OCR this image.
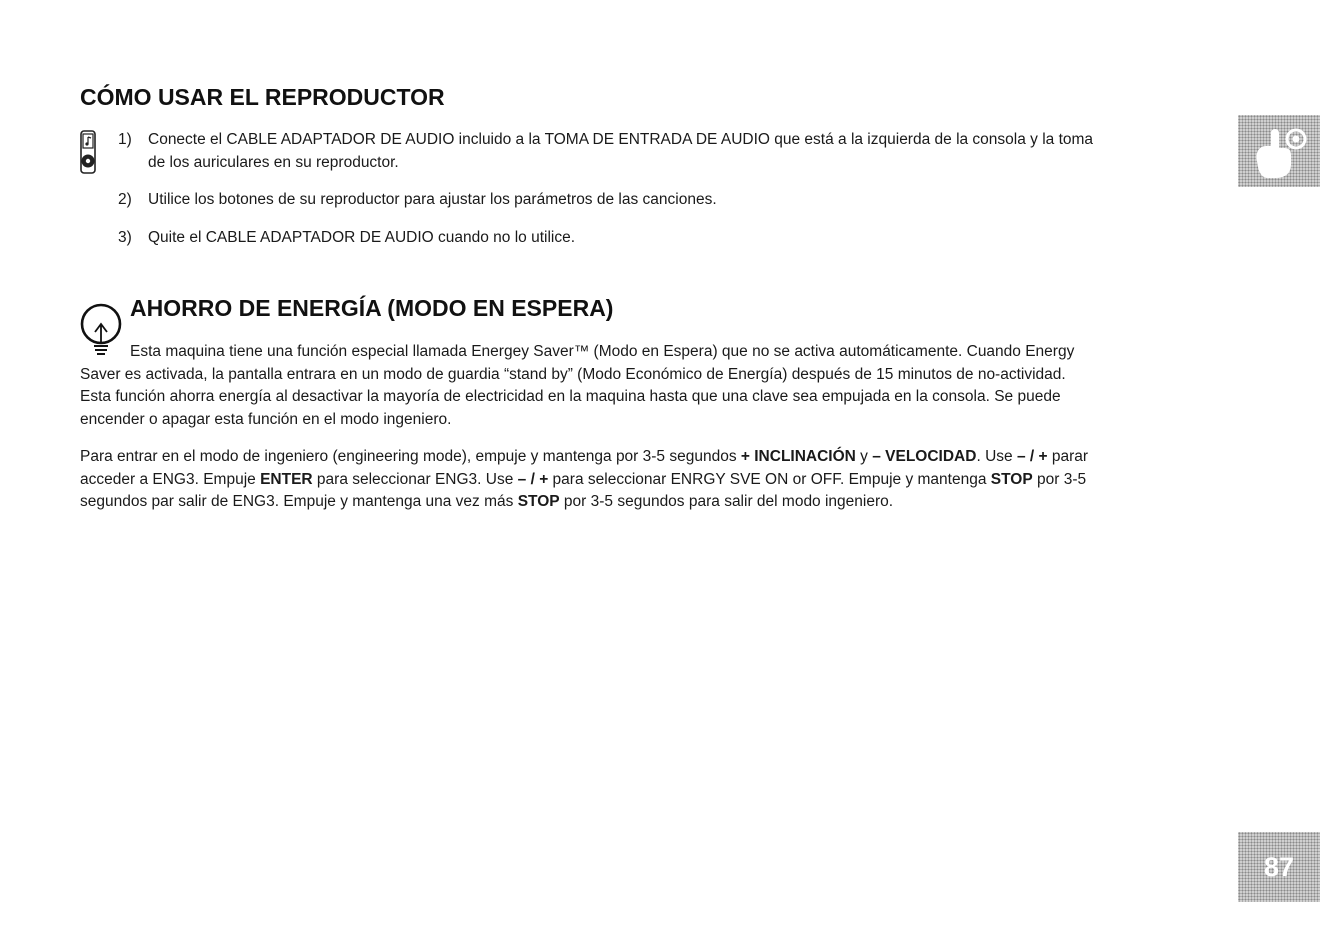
CÓMO USAR EL REPRODUCTOR
1) Conecte el CABLE ADAPTADOR DE AUDIO incluido a la TOMA DE ENTRADA DE AUDIO que está a la izquierda de la consola y la toma de los auriculares en su reproductor.
2) Utilice los botones de su reproductor para ajustar los parámetros de las canciones.
3) Quite el CABLE ADAPTADOR DE AUDIO cuando no lo utilice.
AHORRO DE ENERGÍA (MODO EN ESPERA)

Esta maquina tiene una función especial llamada Energey Saver™ (Modo en Espera) que no se activa automáticamente. Cuando Energy Saver es activada, la pantalla entrara en un modo de guardia “stand by” (Modo Económico de Energía) después de 15 minutos de no-actividad. Esta función ahorra energía al desactivar la mayoría de electricidad en la maquina hasta que una clave sea empujada en la consola. Se puede encender o apagar esta función en el modo ingeniero.

Para entrar en el modo de ingeniero (engineering mode), empuje y mantenga por 3-5 segundos + INCLINACIÓN y – VELOCIDAD. Use – / + parar acceder a ENG3. Empuje ENTER para seleccionar ENG3. Use – / + para seleccionar ENRGY SVE ON or OFF. Empuje y mantenga STOP por 3-5 segundos par salir de ENG3. Empuje y mantenga una vez más STOP por 3-5 segundos para salir del modo ingeniero.

87
